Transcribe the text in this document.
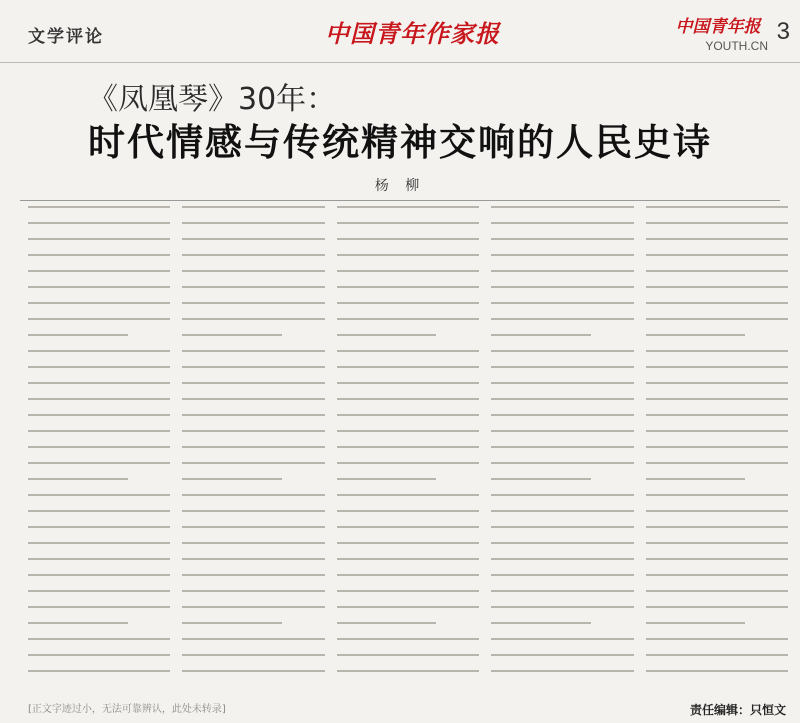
文学评论	中国青年作家报	中国青年报
YOUTH.CN
3
《凤凰琴》30年：
时代情感与传统精神交响的人民史诗
杨 柳
[正文字迹过小，无法可靠辨认，此处未转录]	责任编辑：只恒文
